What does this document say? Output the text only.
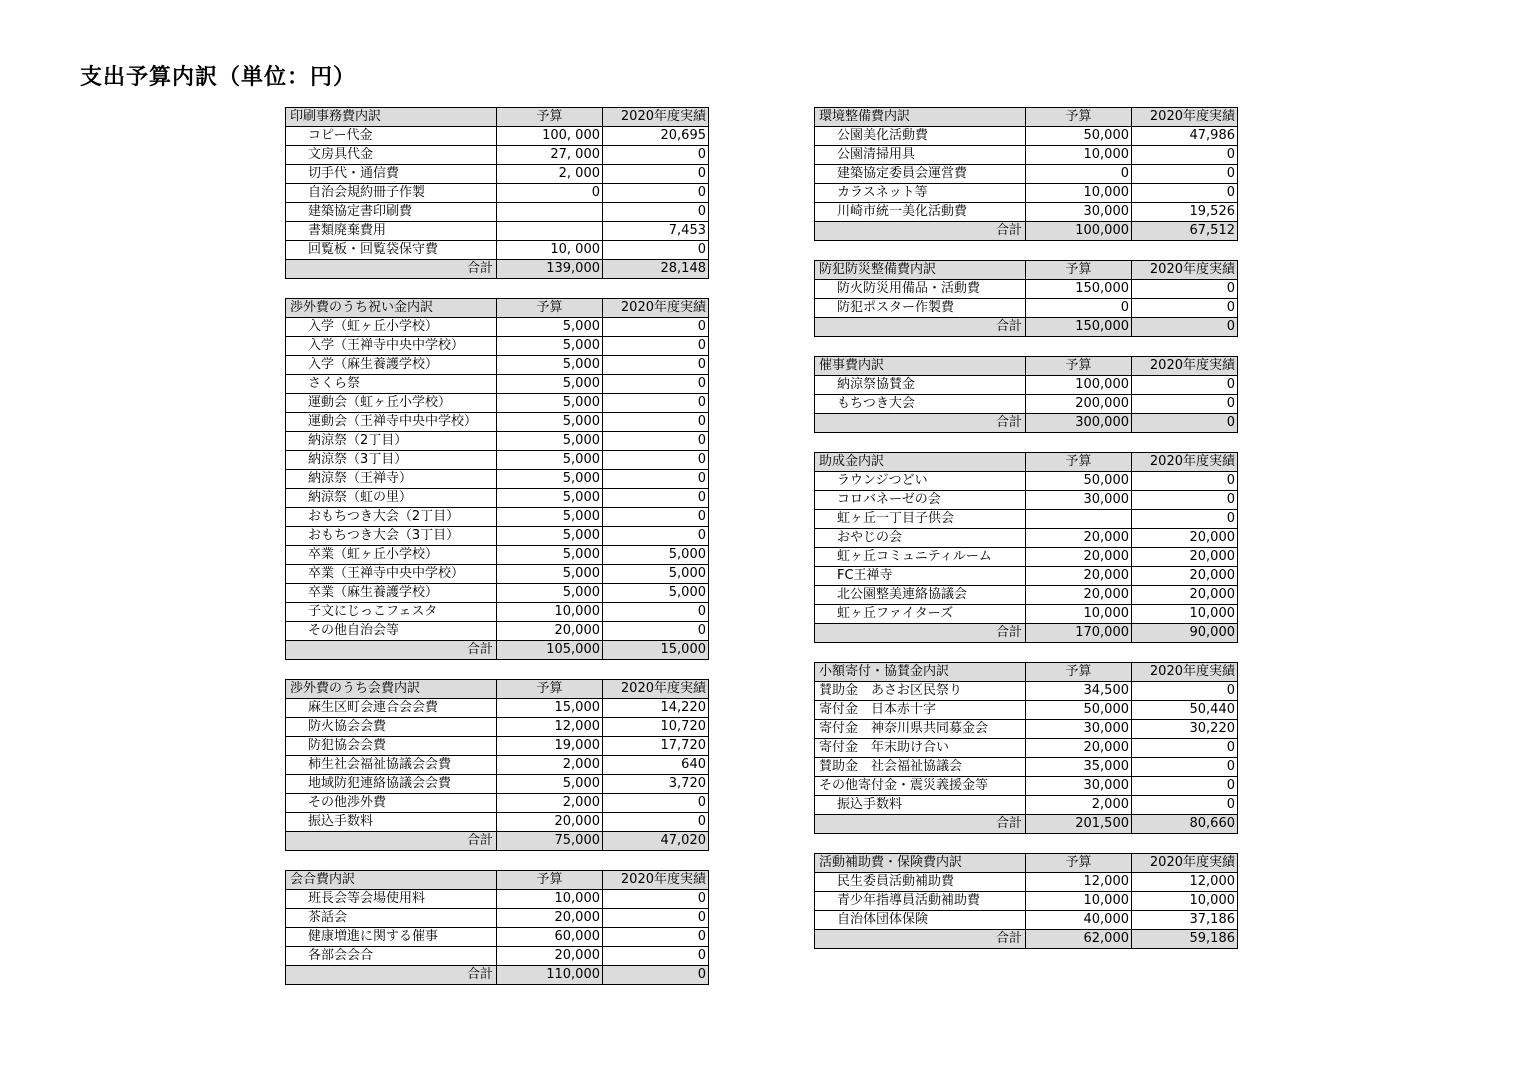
支出予算内訳（単位：円）
印刷事務費内訳	予算	2020年度実績
コピー代金	100, 000	20,695
文房具代金	27, 000	0
切手代・通信費	2, 000	0
自治会規約冊子作製	0	0
建築協定書印刷費		0
書類廃棄費用		7,453
回覧板・回覧袋保守費	10, 000	0
合計	139,000	28,148
渉外費のうち祝い金内訳	予算	2020年度実績
入学（虹ヶ丘小学校）	5,000	0
入学（王禅寺中央中学校）	5,000	0
入学（麻生養護学校）	5,000	0
さくら祭	5,000	0
運動会（虹ヶ丘小学校）	5,000	0
運動会（王禅寺中央中学校）	5,000	0
納涼祭（2丁目）	5,000	0
納涼祭（3丁目）	5,000	0
納涼祭（王禅寺）	5,000	0
納涼祭（虹の里）	5,000	0
おもちつき大会（2丁目）	5,000	0
おもちつき大会（3丁目）	5,000	0
卒業（虹ヶ丘小学校）	5,000	5,000
卒業（王禅寺中央中学校）	5,000	5,000
卒業（麻生養護学校）	5,000	5,000
子文にじっこフェスタ	10,000	0
その他自治会等	20,000	0
合計	105,000	15,000
渉外費のうち会費内訳	予算	2020年度実績
麻生区町会連合会会費	15,000	14,220
防火協会会費	12,000	10,720
防犯協会会費	19,000	17,720
柿生社会福祉協議会会費	2,000	640
地域防犯連絡協議会会費	5,000	3,720
その他渉外費	2,000	0
振込手数料	20,000	0
合計	75,000	47,020
会合費内訳	予算	2020年度実績
班長会等会場使用料	10,000	0
茶話会	20,000	0
健康増進に関する催事	60,000	0
各部会会合	20,000	0
合計	110,000	0
環境整備費内訳	予算	2020年度実績
公園美化活動費	50,000	47,986
公園清掃用具	10,000	0
建築協定委員会運営費	0	0
カラスネット等	10,000	0
川崎市統一美化活動費	30,000	19,526
合計	100,000	67,512
防犯防災整備費内訳	予算	2020年度実績
防火防災用備品・活動費	150,000	0
防犯ポスター作製費	0	0
合計	150,000	0
催事費内訳	予算	2020年度実績
納涼祭協賛金	100,000	0
もちつき大会	200,000	0
合計	300,000	0
助成金内訳	予算	2020年度実績
ラウンジつどい	50,000	0
コロバネーゼの会	30,000	0
虹ヶ丘一丁目子供会		0
おやじの会	20,000	20,000
虹ヶ丘コミュニティルーム	20,000	20,000
FC王禅寺	20,000	20,000
北公園整美連絡協議会	20,000	20,000
虹ヶ丘ファイターズ	10,000	10,000
合計	170,000	90,000
小額寄付・協賛金内訳	予算	2020年度実績
賛助金　あさお区民祭り	34,500	0
寄付金　日本赤十字	50,000	50,440
寄付金　神奈川県共同募金会	30,000	30,220
寄付金　年末助け合い	20,000	0
賛助金　社会福祉協議会	35,000	0
その他寄付金・震災義援金等	30,000	0
振込手数料	2,000	0
合計	201,500	80,660
活動補助費・保険費内訳	予算	2020年度実績
民生委員活動補助費	12,000	12,000
青少年指導員活動補助費	10,000	10,000
自治体団体保険	40,000	37,186
合計	62,000	59,186
